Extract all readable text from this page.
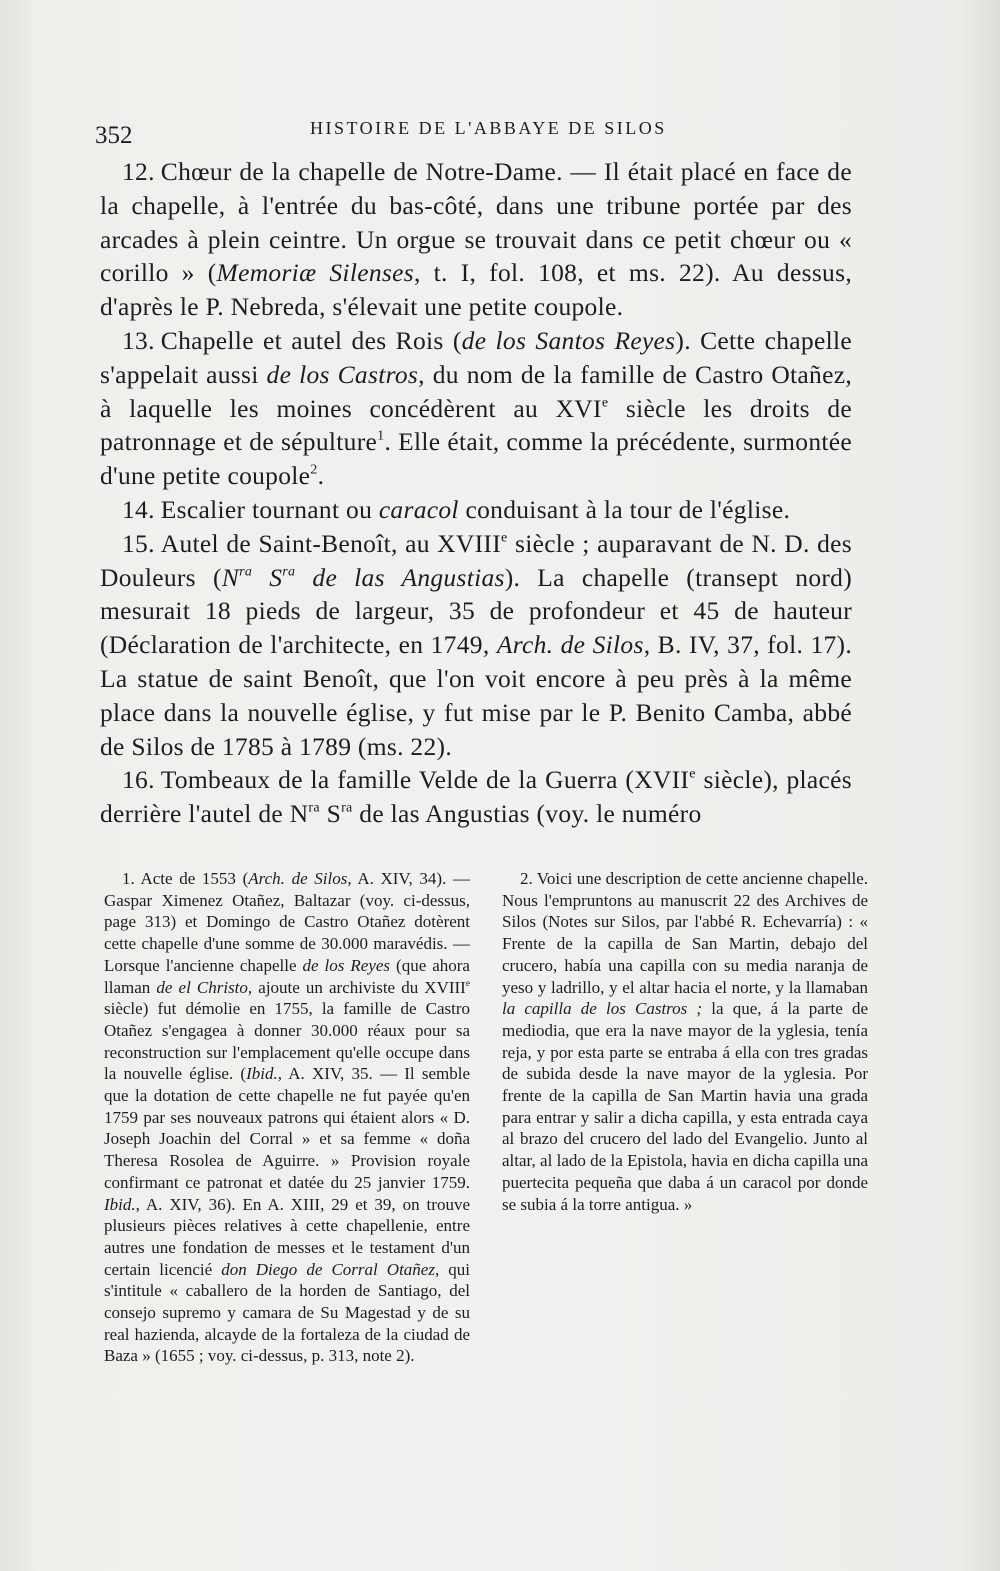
352	HISTOIRE DE L'ABBAYE DE SILOS

12. Chœur de la chapelle de Notre-Dame. — Il était placé en face de la chapelle, à l'entrée du bas-côté, dans une tribune portée par des arcades à plein ceintre. Un orgue se trouvait dans ce petit chœur ou « corillo » (Memoriæ Silenses, t. I, fol. 108, et ms. 22). Au dessus, d'après le P. Nebreda, s'élevait une petite coupole.

13. Chapelle et autel des Rois (de los Santos Reyes). Cette chapelle s'appelait aussi de los Castros, du nom de la famille de Castro Otañez, à laquelle les moines concédèrent au XVIe siècle les droits de patronnage et de sépulture$^1$. Elle était, comme la précédente, surmontée d'une petite coupole$^2$.

14. Escalier tournant ou caracol conduisant à la tour de l'église.

15. Autel de Saint-Benoît, au XVIIIe siècle ; auparavant de N. D. des Douleurs ($N^{ra}$ $S^{ra}$ de las Angustias). La chapelle (transept nord) mesurait 18 pieds de largeur, 35 de profondeur et 45 de hauteur (Déclaration de l'architecte, en 1749, Arch. de Silos, B. IV, 37, fol. 17). La statue de saint Benoît, que l'on voit encore à peu près à la même place dans la nouvelle église, y fut mise par le P. Benito Camba, abbé de Silos de 1785 à 1789 (ms. 22).

16. Tombeaux de la famille Velde de la Guerra (XVIIe siècle), placés derrière l'autel de $N^{ra}$ $S^{ra}$ de las Angustias (voy. le numéro

1. Acte de 1553 (Arch. de Silos, A. XIV, 34). — Gaspar Ximenez Otañez, Baltazar (voy. ci-dessus, page 313) et Domingo de Castro Otañez dotèrent cette chapelle d'une somme de 30.000 maravédis. — Lorsque l'ancienne chapelle de los Reyes (que ahora llaman de el Christo, ajoute un archiviste du XVIIIe siècle) fut démolie en 1755, la famille de Castro Otañez s'engagea à donner 30.000 réaux pour sa reconstruction sur l'emplacement qu'elle occupe dans la nouvelle église. (Ibid., A. XIV, 35. — Il semble que la dotation de cette chapelle ne fut payée qu'en 1759 par ses nouveaux patrons qui étaient alors « D. Joseph Joachin del Corral » et sa femme « doña Theresa Rosolea de Aguirre. » Provision royale confirmant ce patronat et datée du 25 janvier 1759. Ibid., A. XIV, 36). En A. XIII, 29 et 39, on trouve plusieurs pièces relatives à cette chapellenie, entre autres une fondation de messes et le testament d'un certain licencié don Diego de Corral Otañez, qui s'intitule « caballero de la horden de Santiago, del consejo supremo y camara de Su Magestad y de su real hazienda, alcayde de la fortaleza de la ciudad de Baza » (1655 ; voy. ci-dessus, p. 313, note 2).

2. Voici une description de cette ancienne chapelle. Nous l'empruntons au manuscrit 22 des Archives de Silos (Notes sur Silos, par l'abbé R. Echevarría) : « Frente de la capilla de San Martin, debajo del crucero, había una capilla con su media naranja de yeso y ladrillo, y el altar hacia el norte, y la llamaban la capilla de los Castros ; la que, á la parte de mediodia, que era la nave mayor de la yglesia, tenía reja, y por esta parte se entraba á ella con tres gradas de subida desde la nave mayor de la yglesia. Por frente de la capilla de San Martin havia una grada para entrar y salir a dicha capilla, y esta entrada caya al brazo del crucero del lado del Evangelio. Junto al altar, al lado de la Epistola, havia en dicha capilla una puertecita pequeña que daba á un caracol por donde se subia á la torre antigua. »
